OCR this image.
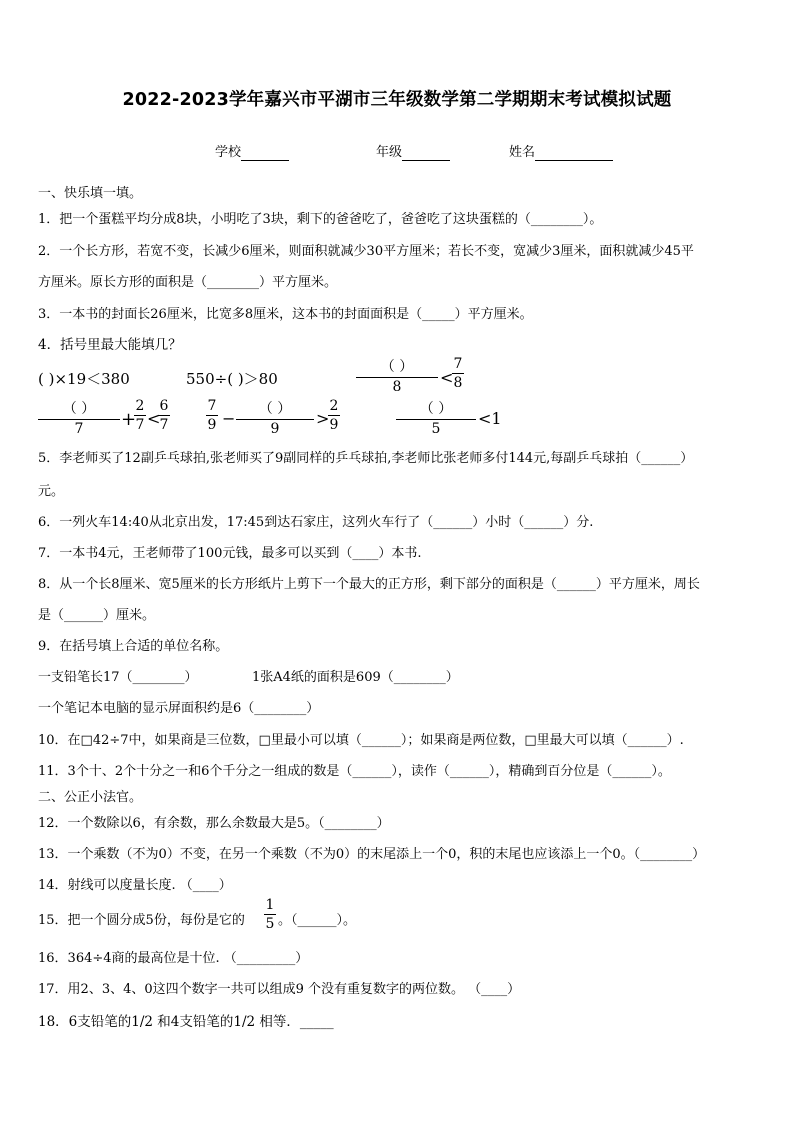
2022-2023学年嘉兴市平湖市三年级数学第二学期期末考试模拟试题
学校	年级	姓名
一、快乐填一填。
1．把一个蛋糕平均分成8块，小明吃了3块，剩下的爸爸吃了，爸爸吃了这块蛋糕的（________）。
2．一个长方形，若宽不变，长减少6厘米，则面积就减少30平方厘米；若长不变，宽减少3厘米，面积就减少45平
方厘米。原长方形的面积是（________）平方厘米。
3．一本书的封面长26厘米，比宽多8厘米，这本书的封面面积是（_____）平方厘米。
4．括号里最大能填几？
( )×19＜380	550÷( )＞80
（ ）
8	<
7
8
（ ）
7	+
2
7 <
6
7
7
9 −	（ ）
9
>
2
9
（ ）
5
<1
5．李老师买了12副乒乓球拍,张老师买了9副同样的乒乓球拍,李老师比张老师多付144元,每副乒乓球拍（______）
元。
6．一列火车14:40从北京出发，17:45到达石家庄，这列火车行了（______）小时（______）分.
7．一本书4元，王老师带了100元钱，最多可以买到（____）本书.
8．从一个长8厘米、宽5厘米的长方形纸片上剪下一个最大的正方形，剩下部分的面积是（______）平方厘米，周长
是（______）厘米。
9．在括号填上合适的单位名称。
一支铅笔长17（________）	1张A4纸的面积是609（________）
一个笔记本电脑的显示屏面积约是6（________）
10．在□42÷7中，如果商是三位数，□里最小可以填（______）；如果商是两位数，□里最大可以填（______）.
11．3个十、2个十分之一和6个千分之一组成的数是（______），读作（______），精确到百分位是（______）。
二、公正小法官。
12．一个数除以6，有余数，那么余数最大是5。（________）
13．一个乘数（不为0）不变，在另一个乘数（不为0）的末尾添上一个0，积的末尾也应该添上一个0。（________）
14．射线可以度量长度. （____）
15．把一个圆分成5份，每份是它的
1
5 。（______）。
16．364÷4商的最高位是十位. （_________）
17．用2、3、4、0这四个数字一共可以组成9 个没有重复数字的两位数。 （____）
18．6支铅笔的1/2 和4支铅笔的1/2 相等．_____
